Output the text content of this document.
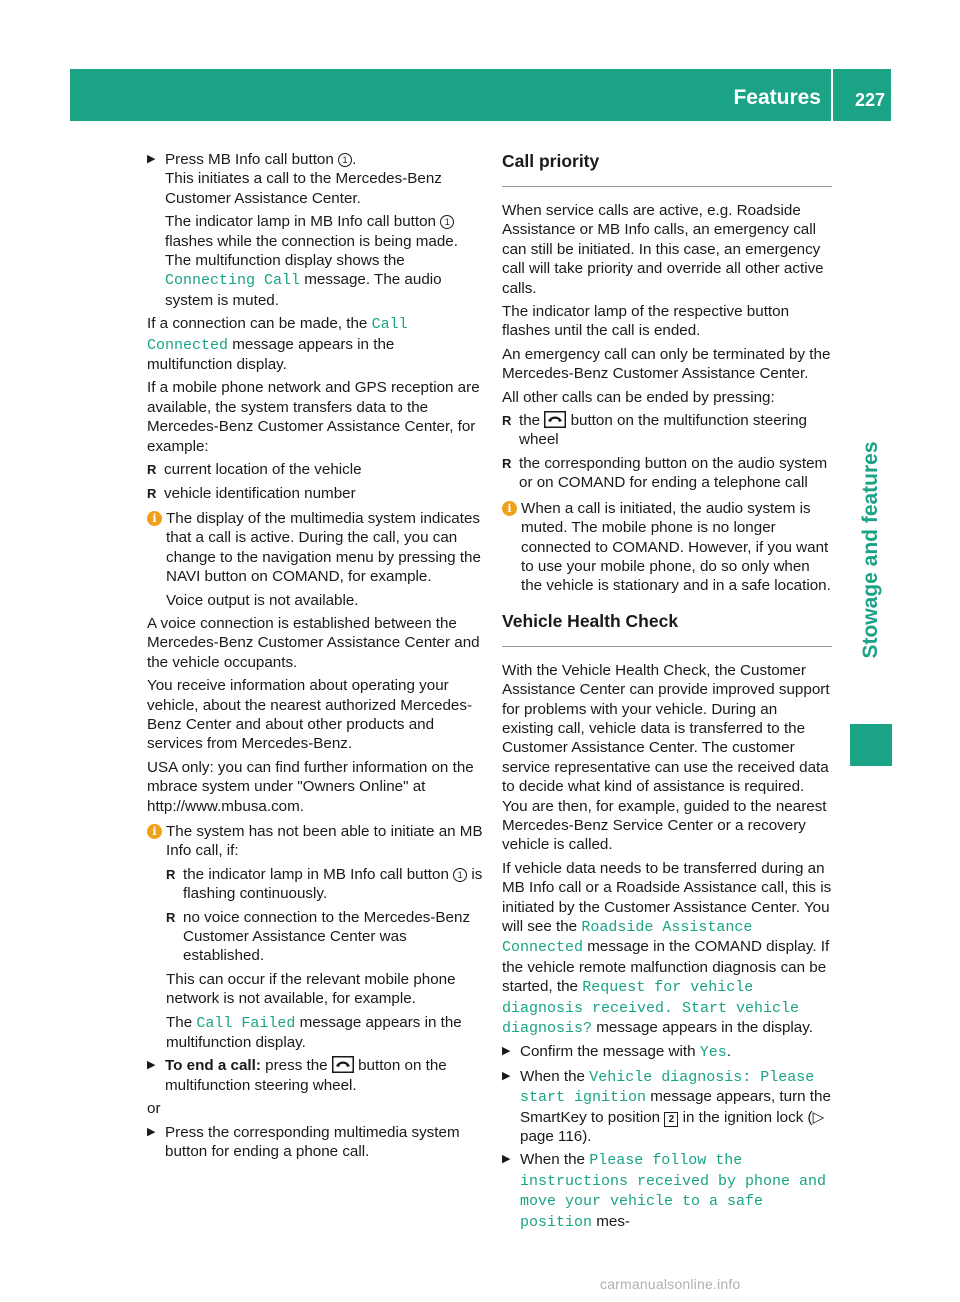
Features 227
Stowage and features
▶ Press MB Info call button 1 .
This initiates a call to the Mercedes-Benz Customer Assistance Center.

The indicator lamp in MB Info call button 1 flashes while the connection is being made. The multifunction display shows the Connecting Call message. The audio system is muted.

If a connection can be made, the Call Connected message appears in the multifunction display.

If a mobile phone network and GPS reception are available, the system transfers data to the Mercedes-Benz Customer Assistance Center, for example:

R current location of the vehicle
R vehicle identification number
i The display of the multimedia system indicates that a call is active. During the call, you can change to the navigation menu by pressing the NAVI button on COMAND, for example.

Voice output is not available.

A voice connection is established between the Mercedes-Benz Customer Assistance Center and the vehicle occupants.

You receive information about operating your vehicle, about the nearest authorized Mercedes-Benz Center and about other products and services from Mercedes-Benz.

USA only: you can find further information on the mbrace system under "Owners Online" at http://www.mbusa.com.

i The system has not been able to initiate an MB Info call, if:

R the indicator lamp in MB Info call button 1 is flashing continuously.
R no voice connection to the Mercedes-Benz Customer Assistance Center was established.

This can occur if the relevant mobile phone network is not available, for example.

The Call Failed message appears in the multifunction display.

▶ To end a call: press the  button on the multifunction steering wheel.

or

▶ Press the corresponding multimedia system button for ending a phone call.

Call priority

When service calls are active, e.g. Roadside Assistance or MB Info calls, an emergency call can still be initiated. In this case, an emergency call will take priority and override all other active calls.

The indicator lamp of the respective button flashes until the call is ended.

An emergency call can only be terminated by the Mercedes-Benz Customer Assistance Center.

All other calls can be ended by pressing:

R the  button on the multifunction steering wheel
R the corresponding button on the audio system or on COMAND for ending a telephone call
i When a call is initiated, the audio system is muted. The mobile phone is no longer connected to COMAND. However, if you want to use your mobile phone, do so only when the vehicle is stationary and in a safe location.

Vehicle Health Check

With the Vehicle Health Check, the Customer Assistance Center can provide improved support for problems with your vehicle. During an existing call, vehicle data is transferred to the Customer Assistance Center. The customer service representative can use the received data to decide what kind of assistance is required. You are then, for example, guided to the nearest Mercedes-Benz Service Center or a recovery vehicle is called.

If vehicle data needs to be transferred during an MB Info call or a Roadside Assistance call, this is initiated by the Customer Assistance Center. You will see the Roadside Assistance Connected message in the COMAND display. If the vehicle remote malfunction diagnosis can be started, the Request for vehicle diagnosis received. Start vehicle diagnosis? message appears in the display.

▶ Confirm the message with Yes.

▶ When the Vehicle diagnosis: Please start ignition message appears, turn the SmartKey to position 2 in the ignition lock (▷ page 116).

▶ When the Please follow the instructions received by phone and move your vehicle to a safe position mes-

carmanualsonline.info
